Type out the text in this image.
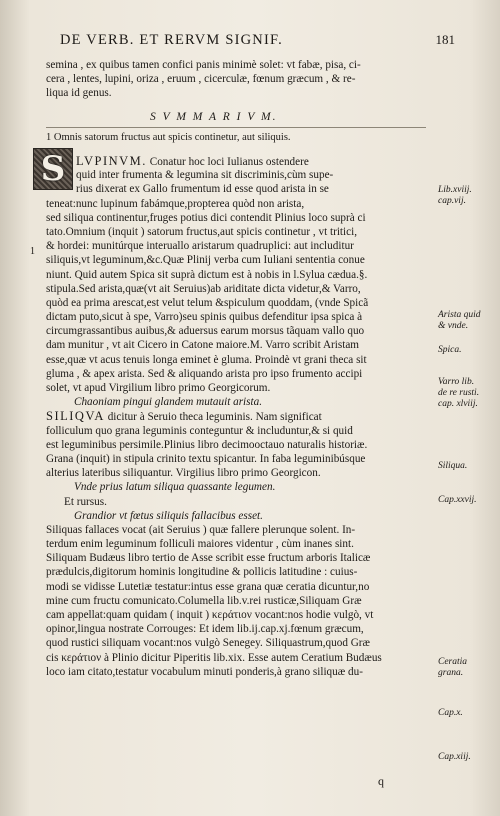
DE VERB. ET RERVM SIGNIF.	181
semina , ex quibus tamen confici panis minimè solet: vt fabæ, pisa, ci-
cera , lentes, lupini, oriza , eruum , cicerculæ, fœnum græcum , & re-
liqua id genus.
S V M M A R I V M.
1 Omnis satorum fructus aut spicis continetur, aut siliquis.
S
1
LVPINVM. Conatur hoc loci Iulianus ostendere
quid inter frumenta & legumina sit discriminis,cùm supe-
rius dixerat ex Gallo frumentum id esse quod arista in se
teneat:nunc lupinum fabámque,propterea quòd non arista,
sed siliqua continentur,fruges potius dici contendit Plinius loco suprà ci
tato.Omnium (inquit ) satorum fructus,aut spicis continetur , vt tritici,
& hordei: munitúrque interuallo aristarum quadruplici: aut includitur
siliquis,vt leguminum,&c.Quæ Plinij verba cum Iuliani sententia conue
niunt. Quid autem Spica sit suprà dictum est à nobis in l.Sylua cædua.§.
stipula.Sed arista,quæ(vt ait Seruius)ab ariditate dicta videtur,& Varro,
quòd ea prima arescat,est velut telum &spiculum quoddam, (vnde Spicã
dictam puto,sicut à spe, Varro)seu spinis quibus defenditur ipsa spica à
circumgrassantibus auibus,& aduersus earum morsus tãquam vallo quo
dam munitur , vt ait Cicero in Catone maiore.M. Varro scribit Aristam
esse,quæ vt acus tenuis longa eminet è gluma. Proindè vt grani theca sit
gluma , & apex arista. Sed & aliquando arista pro ipso frumento accipi
solet, vt apud Virgilium libro primo Georgicorum.
Chaoniam pingui glandem mutauit arista.
SILIQVA dicitur à Seruio theca leguminis. Nam significat
folliculum quo grana leguminis conteguntur & includuntur,& si quid
est leguminibus persimile.Plinius libro decimooctauo naturalis historiæ.
Grana (inquit) in stipula crinito textu spicantur. In faba leguminibúsque
alterius lateribus siliquantur. Virgilius libro primo Georgicon.
Vnde prius latum siliqua quassante legumen.
Et rursus.
Grandior vt fœtus siliquis fallacibus esset.
Siliquas fallaces vocat (ait Seruius ) quæ fallere plerunque solent. In-
terdum enim leguminum folliculi maiores videntur , cùm inanes sint.
Siliquam Budæus libro tertio de Asse scribit esse fructum arboris Italicæ
prædulcis,digitorum hominis longitudine & pollicis latitudine : cuius-
modi se vidisse Lutetiæ testatur:intus esse grana quæ ceratia dicuntur,no
mine cum fructu comunicato.Columella lib.v.rei rusticæ,Siliquam Græ
cam appellat:quam quidam ( inquit ) κεράτιον vocant:nos hodie vulgò, vt
opinor,lingua nostrate Corrouges: Et idem lib.ij.cap.xj.fœnum græcum,
quod rustici siliquam vocant:nos vulgò Senegey. Siliquastrum,quod Græ
cis κεράτιον à Plinio dicitur Piperitis lib.xix. Esse autem Ceratium Budæus
loco iam citato,testatur vocabulum minuti ponderis,à grano siliquæ du-
Lib.xviij.
cap.vij.
Arista quid
& vnde.
Spica.
Varro lib.
de re rusti.
cap. xlviij.
Siliqua.
Cap.xxvij.
Ceratia
grana.
Cap.x.
Cap.xiij.
q
